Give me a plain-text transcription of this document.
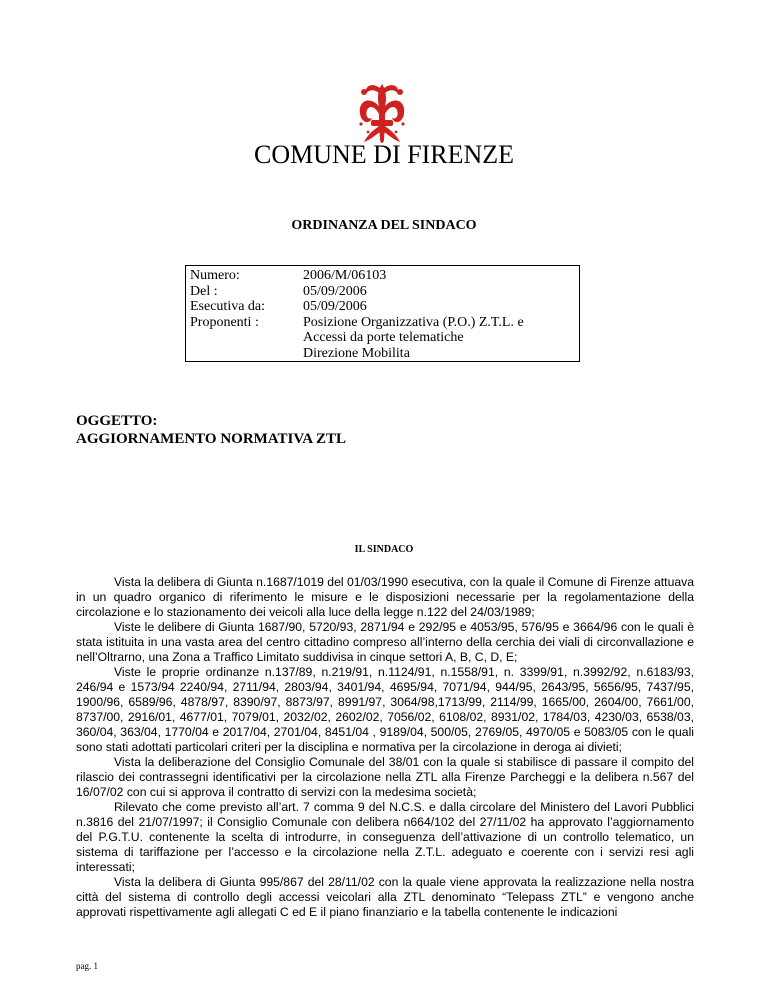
COMUNE DI FIRENZE
ORDINANZA DEL SINDACO
Numero:	2006/M/06103
Del :	05/09/2006
Esecutiva da:	05/09/2006
Proponenti :	Posizione Organizzativa (P.O.) Z.T.L. e
Accessi da porte telematiche
Direzione Mobilita
OGGETTO:
AGGIORNAMENTO NORMATIVA ZTL
IL SINDACO

Vista la delibera di Giunta n.1687/1019 del 01/03/1990 esecutiva, con la quale il Comune di Firenze attuava in un quadro organico di riferimento le misure e le disposizioni necessarie per la regolamentazione della circolazione e lo stazionamento dei veicoli alla luce della legge n.122 del 24/03/1989;

Viste le delibere di Giunta 1687/90, 5720/93, 2871/94 e 292/95 e 4053/95, 576/95 e 3664/96 con le quali è stata istituita in una vasta area del centro cittadino compreso all’interno della cerchia dei viali di circonvallazione e nell’Oltrarno, una Zona a Traffico Limitato suddivisa in cinque settori A, B, C, D, E;

Viste le proprie ordinanze n.137/89, n.219/91, n.1124/91, n.1558/91, n. 3399/91, n.3992/92, n.6183/93, 246/94 e 1573/94 2240/94, 2711/94, 2803/94, 3401/94, 4695/94, 7071/94, 944/95, 2643/95, 5656/95, 7437/95, 1900/96, 6589/96, 4878/97, 8390/97, 8873/97, 8991/97, 3064/98,1713/99, 2114/99, 1665/00, 2604/00, 7661/00, 8737/00, 2916/01, 4677/01, 7079/01, 2032/02, 2602/02, 7056/02, 6108/02, 8931/02, 1784/03, 4230/03, 6538/03, 360/04, 363/04, 1770/04 e 2017/04, 2701/04, 8451/04 , 9189/04, 500/05, 2769/05, 4970/05 e 5083/05 con le quali sono stati adottati particolari criteri per la disciplina e normativa per la circolazione in deroga ai divieti;

Vista la deliberazione del Consiglio Comunale del 38/01 con la quale si stabilisce di passare il compito del rilascio dei contrassegni identificativi per la circolazione nella ZTL alla Firenze Parcheggi e la delibera n.567 del 16/07/02 con cui si approva il contratto di servizi con la medesima società;

Rilevato che come previsto all’art. 7 comma 9 del N.C.S. e dalla circolare del Ministero del Lavori Pubblici n.3816 del 21/07/1997; il Consiglio Comunale con delibera n664/102 del 27/11/02 ha approvato l’aggiornamento del P.G.T.U. contenente la scelta di introdurre, in conseguenza dell’attivazione di un controllo telematico, un sistema di tariffazione per l’accesso e la circolazione nella Z.T.L. adeguato e coerente con i servizi resi agli interessati;

Vista la delibera di Giunta 995/867 del 28/11/02 con la quale viene approvata la realizzazione nella nostra città del sistema di controllo degli accessi veicolari alla ZTL denominato “Telepass ZTL” e vengono anche approvati rispettivamente agli allegati C ed E il piano finanziario e la tabella contenente le indicazioni

pag. 1
